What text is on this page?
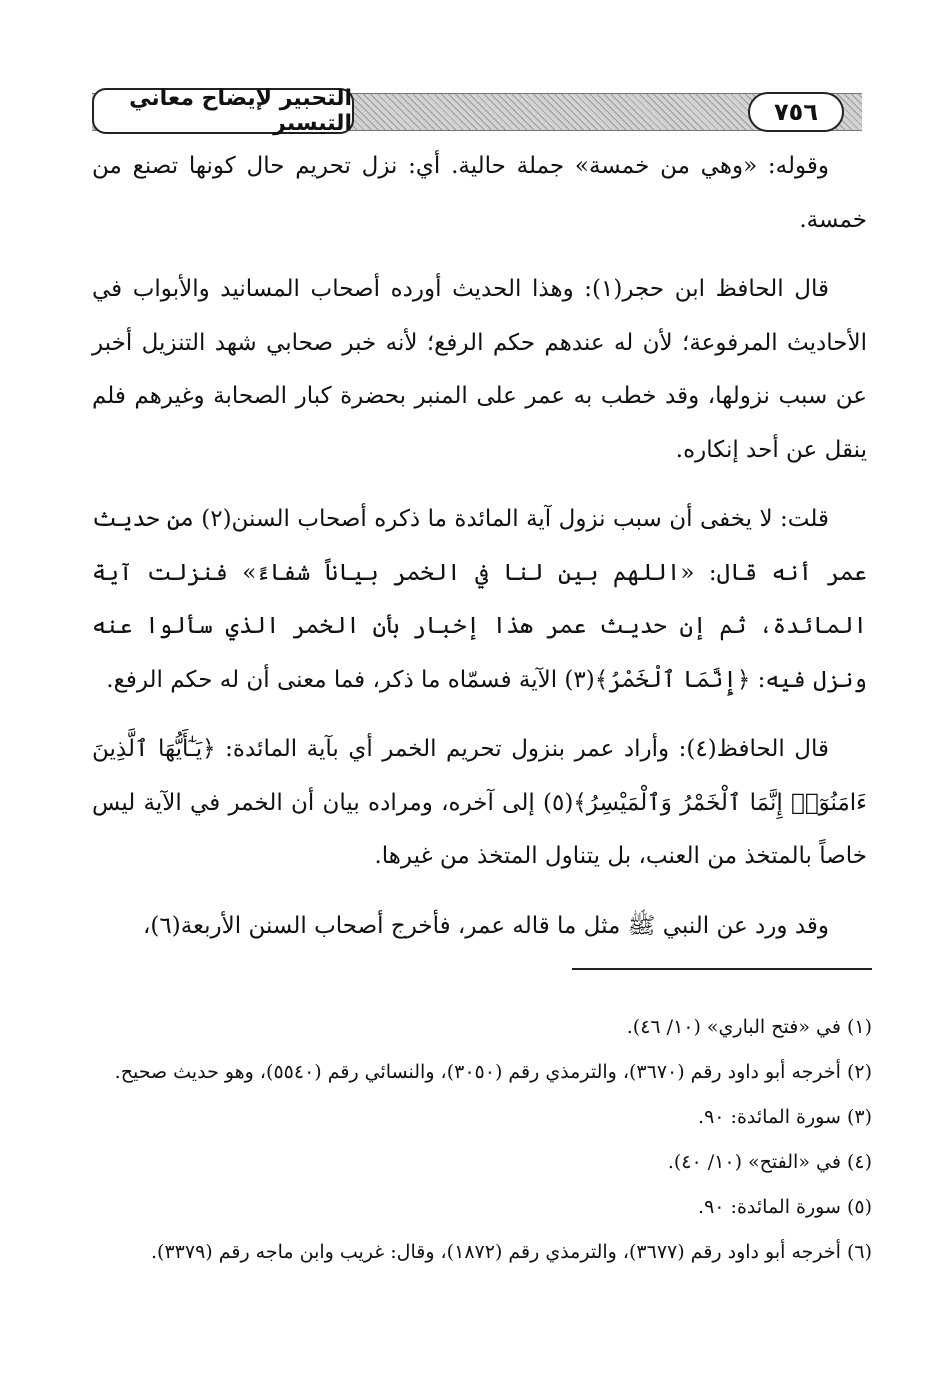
التحبير لإيضاح معاني التيسير	٧٥٦

وقوله: «وهي من خمسة» جملة حالية. أي: نزل تحريم حال كونها تصنع من خمسة.

قال الحافظ ابن حجر(١): وهذا الحديث أورده أصحاب المسانيد والأبواب في الأحاديث المرفوعة؛ لأن له عندهم حكم الرفع؛ لأنه خبر صحابي شهد التنزيل أخبر عن سبب نزولها، وقد خطب به عمر على المنبر بحضرة كبار الصحابة وغيرهم فلم ينقل عن أحد إنكاره.

قلت: لا يخفى أن سبب نزول آية المائدة ما ذكره أصحاب السنن(٢) من حديث عمر أنه قال: «اللهم بين لنا في الخمر بياناً شفاءً» فنزلت آية المائدة، ثم إن حديث عمر هذا إخبار بأن الخمر الذي سألوا عنه ونزل فيه: ﴿إِنَّمَا ٱلْخَمْرُ﴾(٣) الآية فسمّاه ما ذكر، فما معنى أن له حكم الرفع.

قال الحافظ(٤): وأراد عمر بنزول تحريم الخمر أي بآية المائدة: ﴿يَـٰٓأَيُّهَا ٱلَّذِينَ ءَامَنُوٓا۟ إِنَّمَا ٱلْخَمْرُ وَٱلْمَيْسِرُ﴾(٥) إلى آخره، ومراده بيان أن الخمر في الآية ليس خاصاً بالمتخذ من العنب، بل يتناول المتخذ من غيرها.

وقد ورد عن النبي ﷺ مثل ما قاله عمر، فأخرج أصحاب السنن الأربعة(٦)،

(١) في «فتح الباري» (١٠/ ٤٦).
(٢) أخرجه أبو داود رقم (٣٦٧٠)، والترمذي رقم (٣٠٥٠)، والنسائي رقم (٥٥٤٠)، وهو حديث صحيح.
(٣) سورة المائدة: ٩٠.
(٤) في «الفتح» (١٠/ ٤٠).
(٥) سورة المائدة: ٩٠.
(٦) أخرجه أبو داود رقم (٣٦٧٧)، والترمذي رقم (١٨٧٢)، وقال: غريب وابن ماجه رقم (٣٣٧٩).
